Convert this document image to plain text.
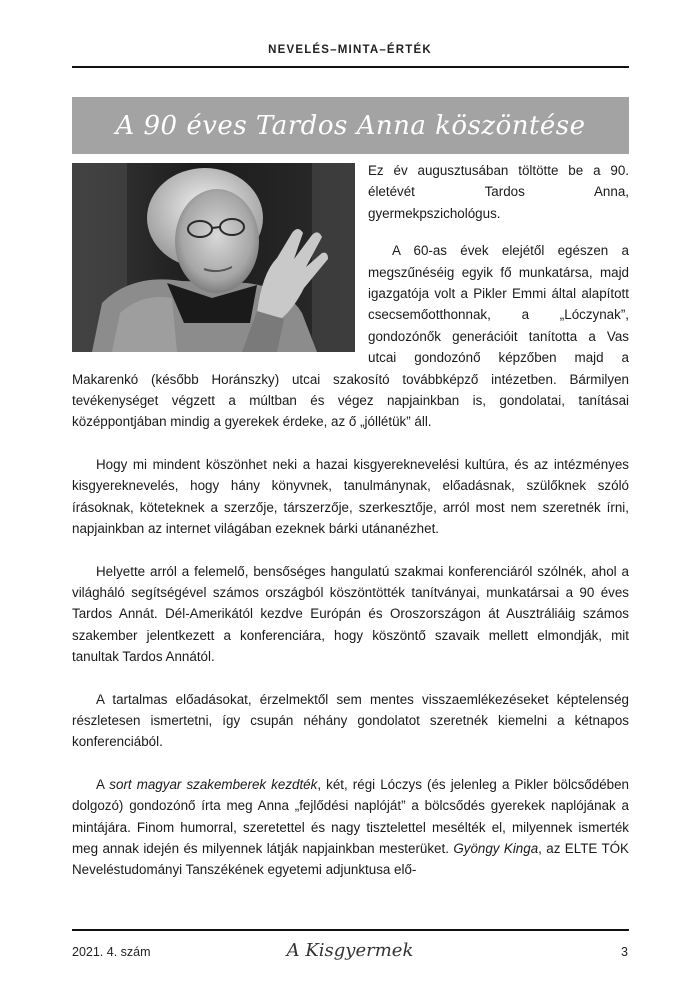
NEVELÉS–MINTA–ÉRTÉK
A 90 éves Tardos Anna köszöntése

Ez év augusztusában töltötte be a 90. életévét Tardos Anna, gyermekpszichológus.

A 60-as évek elejétől egészen a megszűnéséig egyik fő munkatársa, majd igazgatója volt a Pikler Emmi által alapított csecsemőotthonnak, a „Lóczynak”, gondozónők generációit tanította a Vas utcai gondozónő képzőben majd a Makarenkó (később Horánszky) utcai szakosító továbbképző intézetben. Bármilyen tevékenységet végzett a múltban és végez napjainkban is, gondolatai, tanításai középpontjában mindig a gyerekek érdeke, az ő „jóllétük” áll.

Hogy mi mindent köszönhet neki a hazai kisgyereknevelési kultúra, és az intézményes kisgyereknevelés, hogy hány könyvnek, tanulmánynak, előadásnak, szülőknek szóló írásoknak, köteteknek a szerzője, társzerzője, szerkesztője, arról most nem szeretnék írni, napjainkban az internet világában ezeknek bárki utánanézhet.

Helyette arról a felemelő, bensőséges hangulatú szakmai konferenciáról szólnék, ahol a világháló segítségével számos országból köszöntötték tanítványai, munkatársai a 90 éves Tardos Annát. Dél-Amerikától kezdve Európán és Oroszországon át Ausztráliáig számos szakember jelentkezett a konferenciára, hogy köszöntő szavaik mellett elmondják, mit tanultak Tardos Annától.

A tartalmas előadásokat, érzelmektől sem mentes visszaemlékezéseket képtelenség részletesen ismertetni, így csupán néhány gondolatot szeretnék kiemelni a kétnapos konferenciából.

A sort magyar szakemberek kezdték, két, régi Lóczys (és jelenleg a Pikler bölcsődében dolgozó) gondozónő írta meg Anna „fejlődési naplóját” a bölcsődés gyerekek naplójának a mintájára. Finom humorral, szeretettel és nagy tisztelettel mesélték el, milyennek ismerték meg annak idején és milyennek látják napjainkban mesterüket. Gyöngy Kinga, az ELTE TÓK Neveléstudományi Tanszékének egyetemi adjunktusa elő-

2021. 4. szám	A Kisgyermek	3
